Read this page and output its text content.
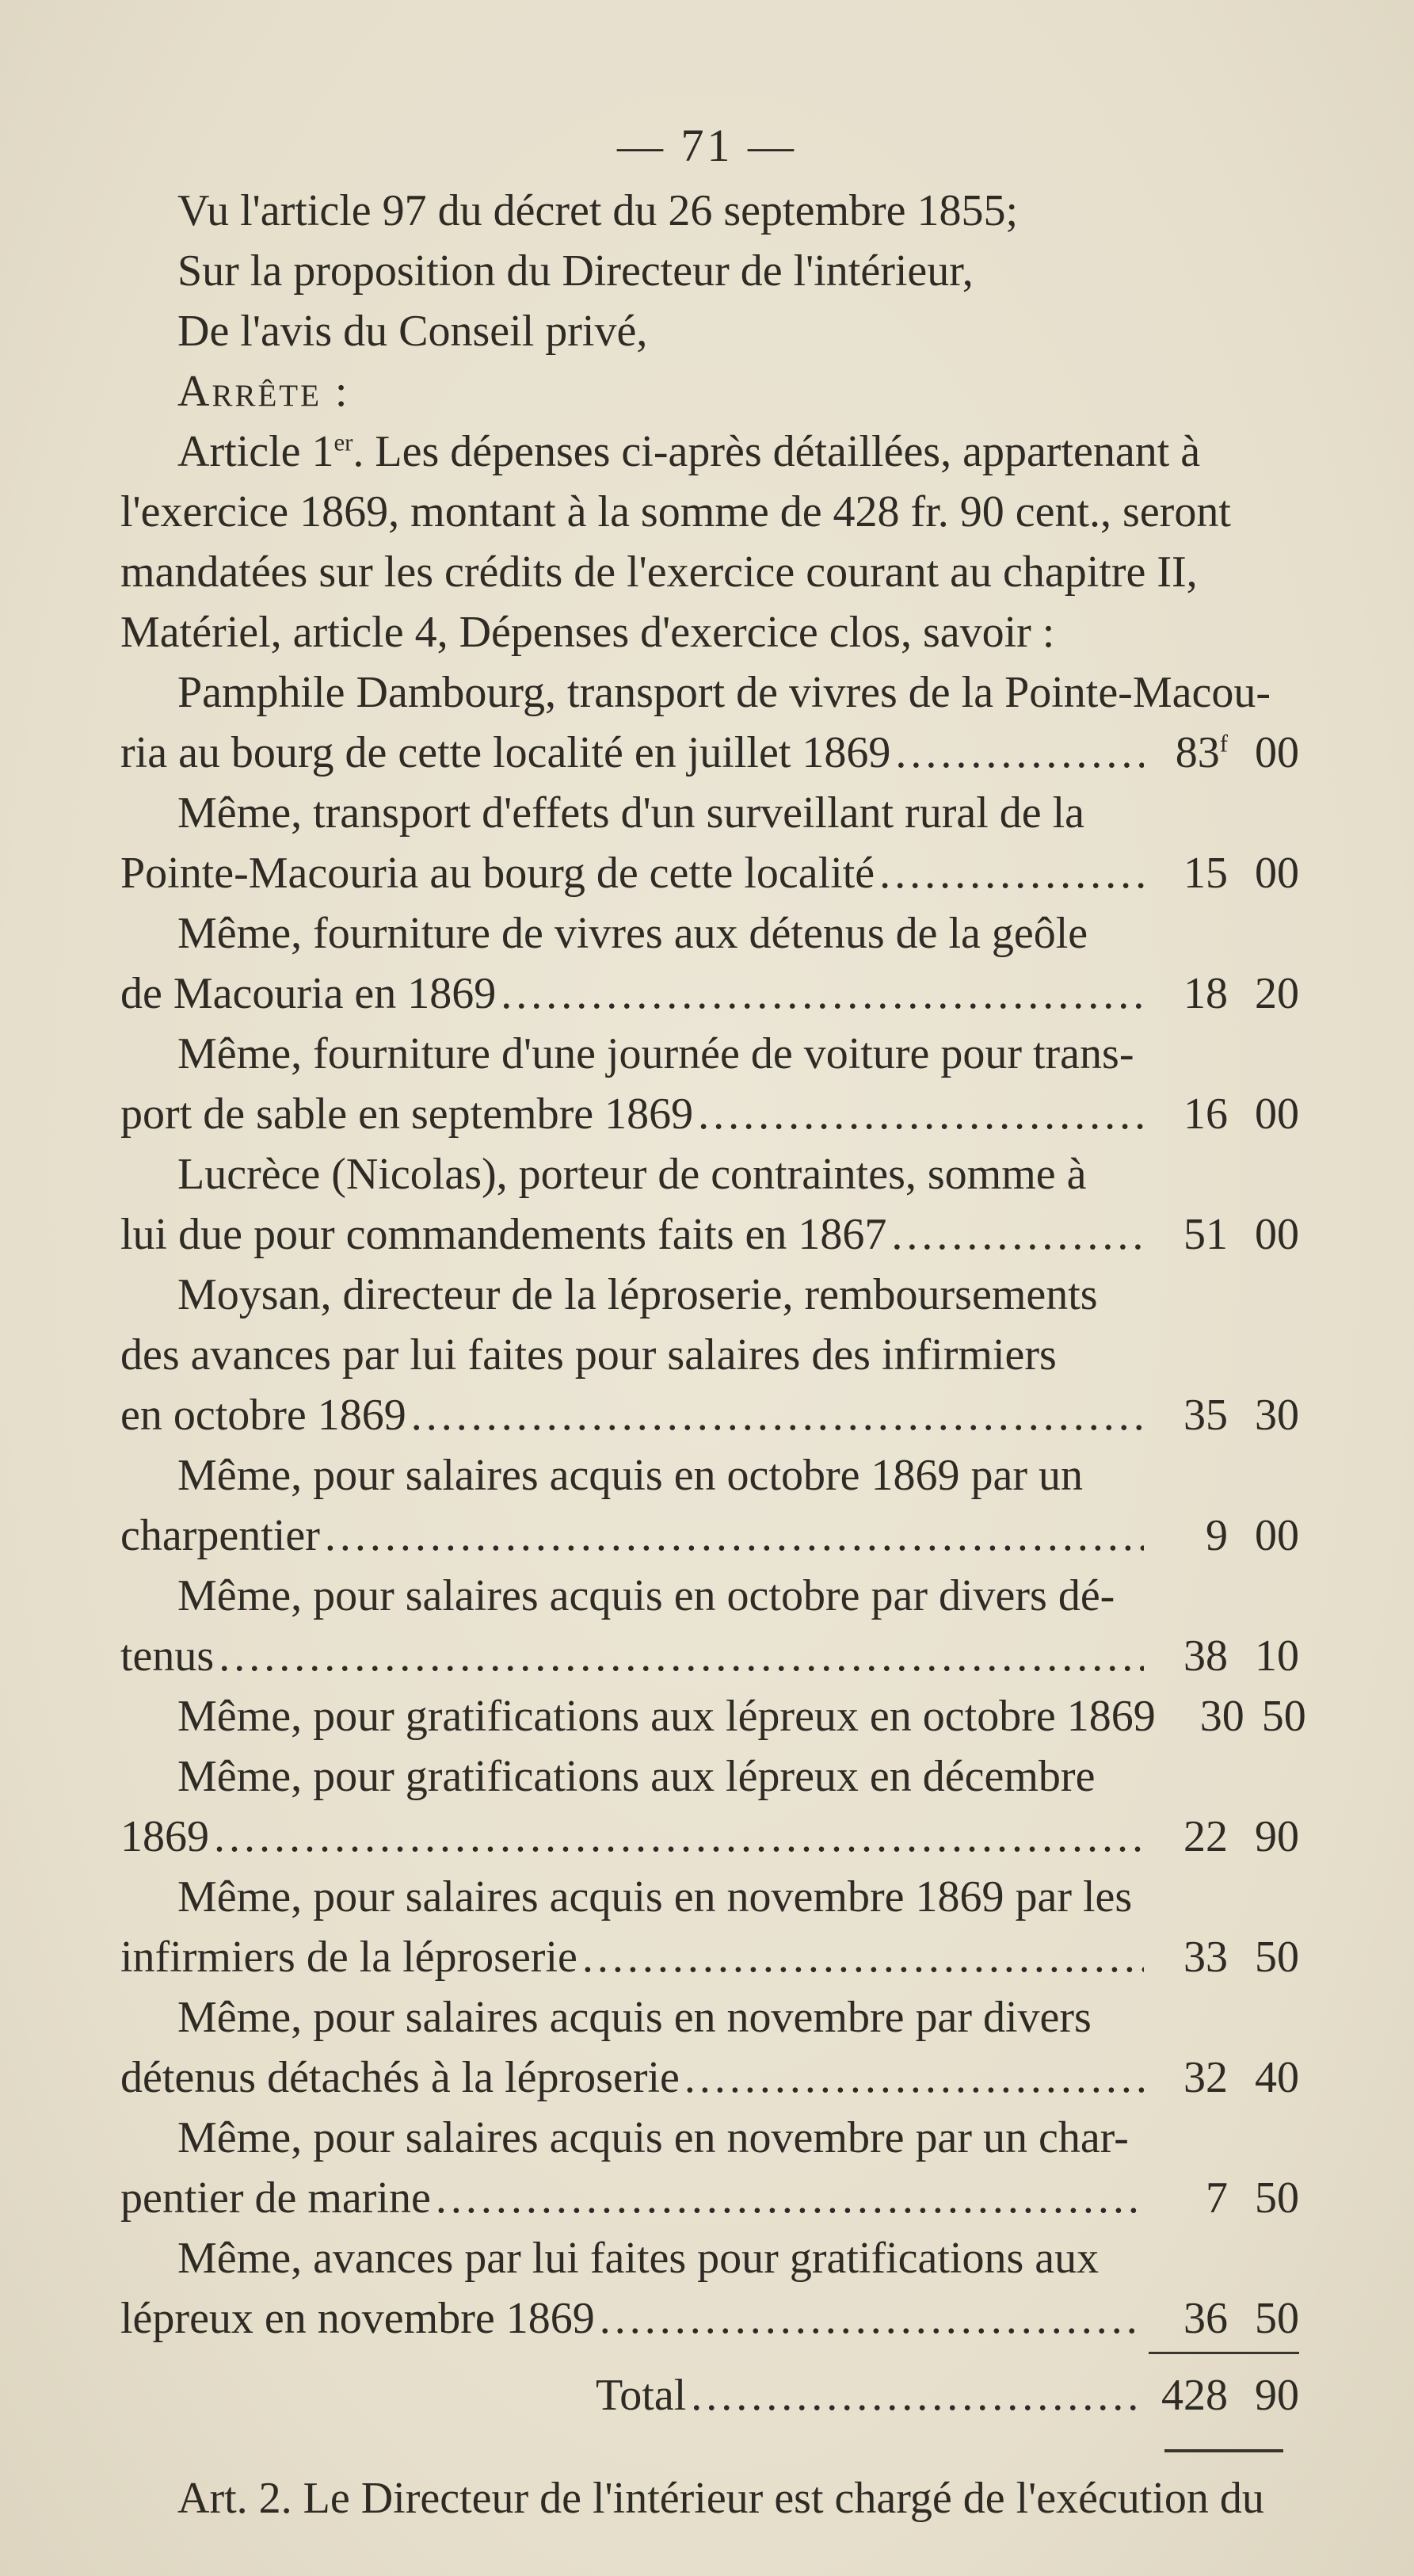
— 71 —
Vu l'article 97 du décret du 26 septembre 1855;
Sur la proposition du Directeur de l'intérieur,
De l'avis du Conseil privé,
Arrête :
Article 1er. Les dépenses ci-après détaillées, appartenant à
l'exercice 1869, montant à la somme de 428 fr. 90 cent., seront
mandatées sur les crédits de l'exercice courant au chapitre II,
Matériel, article 4, Dépenses d'exercice clos, savoir :
Pamphile Dambourg, transport de vivres de la Pointe-Macou-
ria au bourg de cette localité en juillet 1869 .....	83$^f$ 00
Même, transport d'effets d'un surveillant rural de la
Pointe-Macouria au bourg de cette localité .....	15 00
Même, fourniture de vivres aux détenus de la geôle
de Macouria en 1869 .....	18 20
Même, fourniture d'une journée de voiture pour trans-
port de sable en septembre 1869 .....	16 00
Lucrèce (Nicolas), porteur de contraintes, somme à
lui due pour commandements faits en 1867 .....	51 00
Moysan, directeur de la léproserie, remboursements
des avances par lui faites pour salaires des infirmiers
en octobre 1869 .....	35 30
Même, pour salaires acquis en octobre 1869 par un
charpentier .....	9 00
Même, pour salaires acquis en octobre par divers dé-
tenus .....	38 10
Même, pour gratifications aux lépreux en octobre 1869	30 50
Même, pour gratifications aux lépreux en décembre
1869 .....	22 90
Même, pour salaires acquis en novembre 1869 par les
infirmiers de la léproserie .....	33 50
Même, pour salaires acquis en novembre par divers
détenus détachés à la léproserie .....	32 40
Même, pour salaires acquis en novembre par un char-
pentier de marine .....	7 50
Même, avances par lui faites pour gratifications aux
lépreux en novembre 1869 .....	36 50
Total .....	428 90
Art. 2. Le Directeur de l'intérieur est chargé de l'exécution du
